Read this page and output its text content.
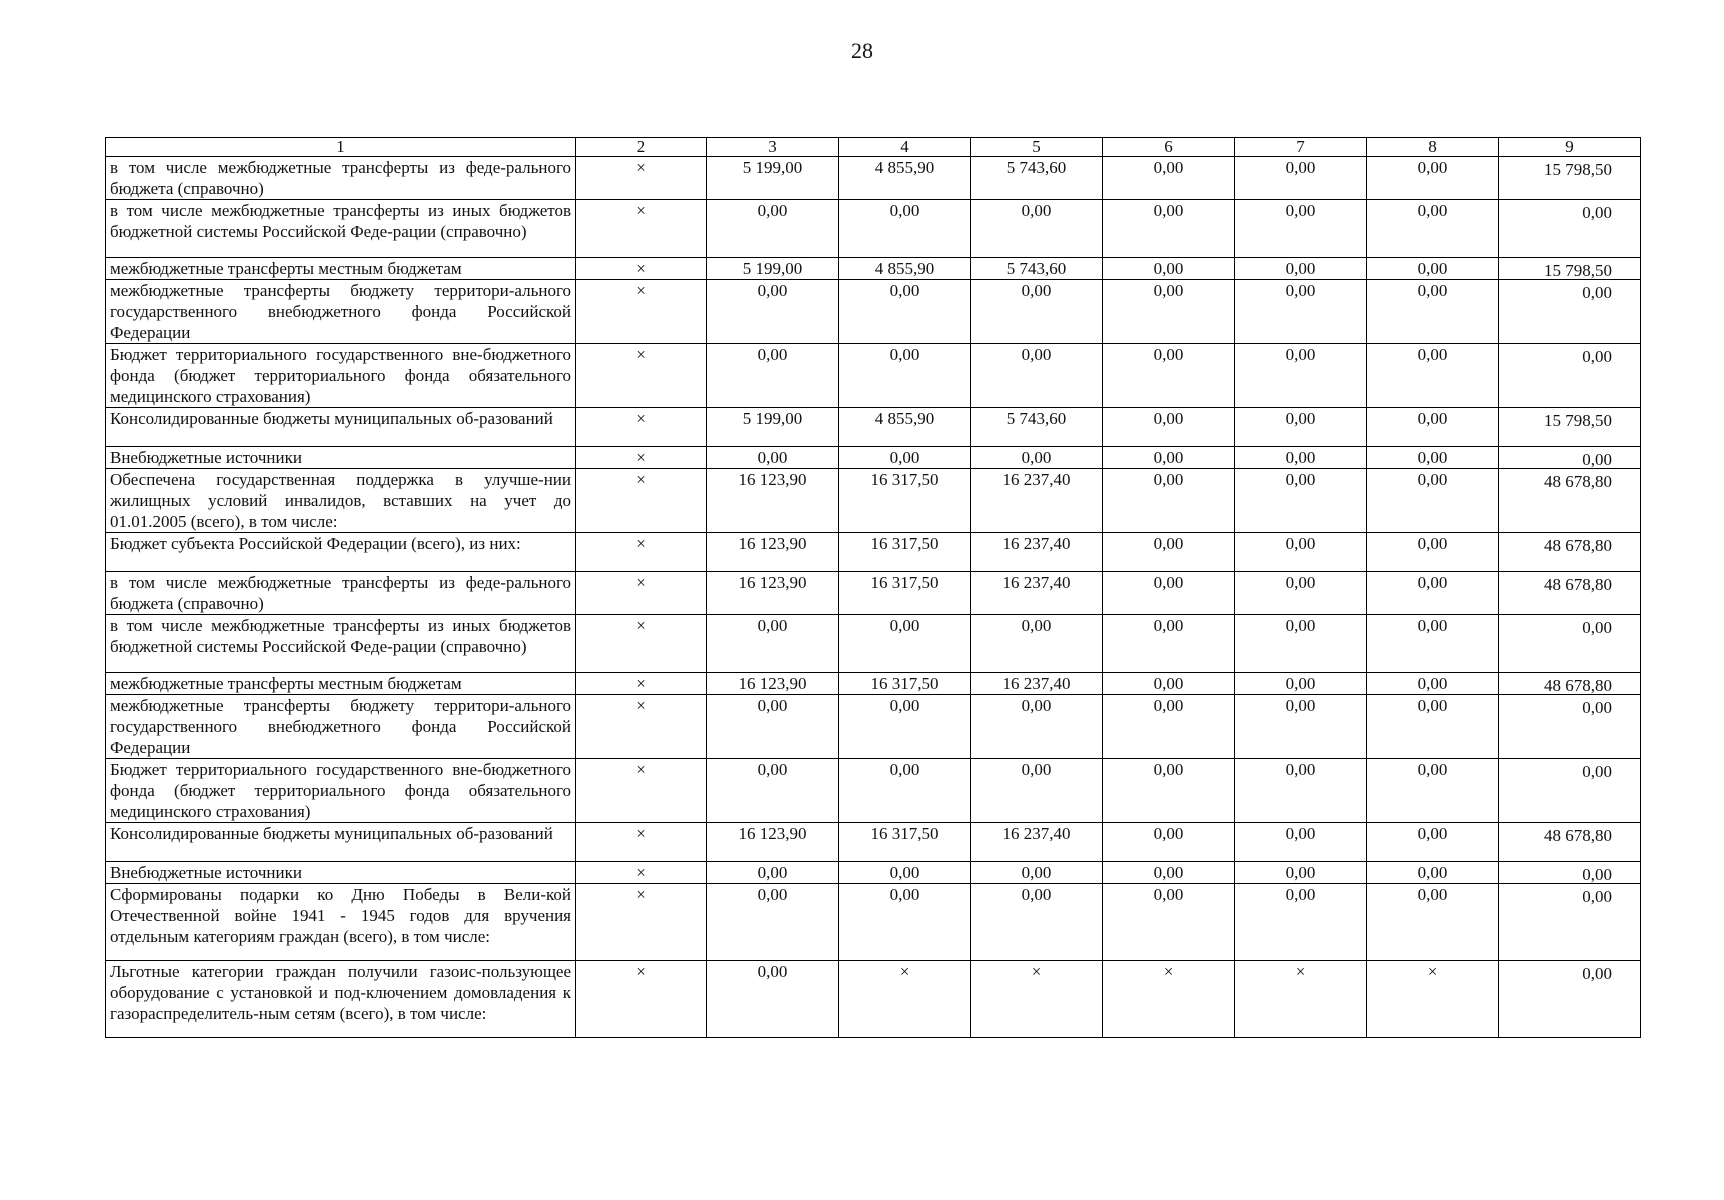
28
1	2	3	4	5	6	7	8	9
в том числе межбюджетные трансферты из феде-рального бюджета (справочно)	×	5 199,00	4 855,90	5 743,60	0,00	0,00	0,00	15 798,50

в том числе межбюджетные трансферты из иных бюджетов бюджетной системы Российской Феде-рации (справочно)	×	0,00	0,00	0,00	0,00	0,00	0,00	0,00

межбюджетные трансферты местным бюджетам	×	5 199,00	4 855,90	5 743,60	0,00	0,00	0,00	15 798,50

межбюджетные трансферты бюджету территори-ального государственного внебюджетного фонда Российской Федерации	×	0,00	0,00	0,00	0,00	0,00	0,00	0,00

Бюджет территориального государственного вне-бюджетного фонда (бюджет территориального фонда обязательного медицинского страхования)	×	0,00	0,00	0,00	0,00	0,00	0,00	0,00

Консолидированные бюджеты муниципальных об-разований	×	5 199,00	4 855,90	5 743,60	0,00	0,00	0,00	15 798,50

Внебюджетные источники	×	0,00	0,00	0,00	0,00	0,00	0,00	0,00

Обеспечена государственная поддержка в улучше-нии жилищных условий инвалидов, вставших на учет до 01.01.2005 (всего), в том числе:	×	16 123,90	16 317,50	16 237,40	0,00	0,00	0,00	48 678,80

Бюджет субъекта Российской Федерации (всего), из них:	×	16 123,90	16 317,50	16 237,40	0,00	0,00	0,00	48 678,80

в том числе межбюджетные трансферты из феде-рального бюджета (справочно)	×	16 123,90	16 317,50	16 237,40	0,00	0,00	0,00	48 678,80

в том числе межбюджетные трансферты из иных бюджетов бюджетной системы Российской Феде-рации (справочно)	×	0,00	0,00	0,00	0,00	0,00	0,00	0,00

межбюджетные трансферты местным бюджетам	×	16 123,90	16 317,50	16 237,40	0,00	0,00	0,00	48 678,80

межбюджетные трансферты бюджету территори-ального государственного внебюджетного фонда Российской Федерации	×	0,00	0,00	0,00	0,00	0,00	0,00	0,00

Бюджет территориального государственного вне-бюджетного фонда (бюджет территориального фонда обязательного медицинского страхования)	×	0,00	0,00	0,00	0,00	0,00	0,00	0,00

Консолидированные бюджеты муниципальных об-разований	×	16 123,90	16 317,50	16 237,40	0,00	0,00	0,00	48 678,80

Внебюджетные источники	×	0,00	0,00	0,00	0,00	0,00	0,00	0,00

Сформированы подарки ко Дню Победы в Вели-кой Отечественной войне 1941 - 1945 годов для вручения отдельным категориям граждан (всего), в том числе:	×	0,00	0,00	0,00	0,00	0,00	0,00	0,00

Льготные категории граждан получили газоис-пользующее оборудование с установкой и под-ключением домовладения к газораспределитель-ным сетям (всего), в том числе:	×	0,00	×	×	×	×	×	0,00
